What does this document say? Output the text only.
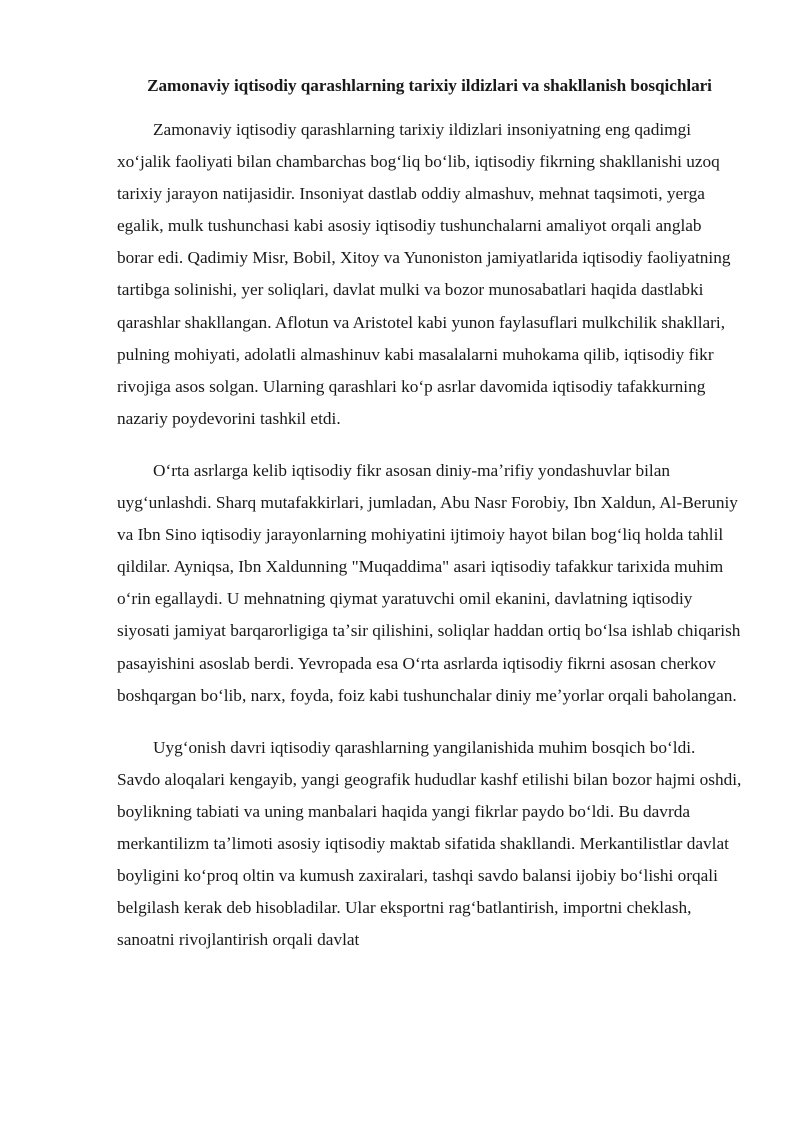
Zamonaviy iqtisodiy qarashlarning tarixiy ildizlari va shakllanish bosqichlari

Zamonaviy iqtisodiy qarashlarning tarixiy ildizlari insoniyatning eng qadimgi xoʻjalik faoliyati bilan chambarchas bogʻliq boʻlib, iqtisodiy fikrning shakllanishi uzoq tarixiy jarayon natijasidir. Insoniyat dastlab oddiy almashuv, mehnat taqsimoti, yerga egalik, mulk tushunchasi kabi asosiy iqtisodiy tushunchalarni amaliyot orqali anglab borar edi. Qadimiy Misr, Bobil, Xitoy va Yunoniston jamiyatlarida iqtisodiy faoliyatning tartibga solinishi, yer soliqlari, davlat mulki va bozor munosabatlari haqida dastlabki qarashlar shakllangan. Aflotun va Aristotel kabi yunon faylasuflari mulkchilik shakllari, pulning mohiyati, adolatli almashinuv kabi masalalarni muhokama qilib, iqtisodiy fikr rivojiga asos solgan. Ularning qarashlari koʻp asrlar davomida iqtisodiy tafakkurning nazariy poydevorini tashkil etdi.

Oʻrta asrlarga kelib iqtisodiy fikr asosan diniy-maʼrifiy yondashuvlar bilan uygʻunlashdi. Sharq mutafakkirlari, jumladan, Abu Nasr Forobiy, Ibn Xaldun, Al-Beruniy va Ibn Sino iqtisodiy jarayonlarning mohiyatini ijtimoiy hayot bilan bogʻliq holda tahlil qildilar. Ayniqsa, Ibn Xaldunning "Muqaddima" asari iqtisodiy tafakkur tarixida muhim oʻrin egallaydi. U mehnatning qiymat yaratuvchi omil ekanini, davlatning iqtisodiy siyosati jamiyat barqarorligiga taʼsir qilishini, soliqlar haddan ortiq boʻlsa ishlab chiqarish pasayishini asoslab berdi. Yevropada esa Oʻrta asrlarda iqtisodiy fikrni asosan cherkov boshqargan boʻlib, narx, foyda, foiz kabi tushunchalar diniy meʼyorlar orqali baholangan.

Uygʻonish davri iqtisodiy qarashlarning yangilanishida muhim bosqich boʻldi. Savdo aloqalari kengayib, yangi geografik hududlar kashf etilishi bilan bozor hajmi oshdi, boylikning tabiati va uning manbalari haqida yangi fikrlar paydo boʻldi. Bu davrda merkantilizm taʼlimoti asosiy iqtisodiy maktab sifatida shakllandi. Merkantilistlar davlat boyligini koʻproq oltin va kumush zaxiralari, tashqi savdo balansi ijobiy boʻlishi orqali belgilash kerak deb hisobladilar. Ular eksportni ragʻbatlantirish, importni cheklash, sanoatni rivojlantirish orqali davlat
